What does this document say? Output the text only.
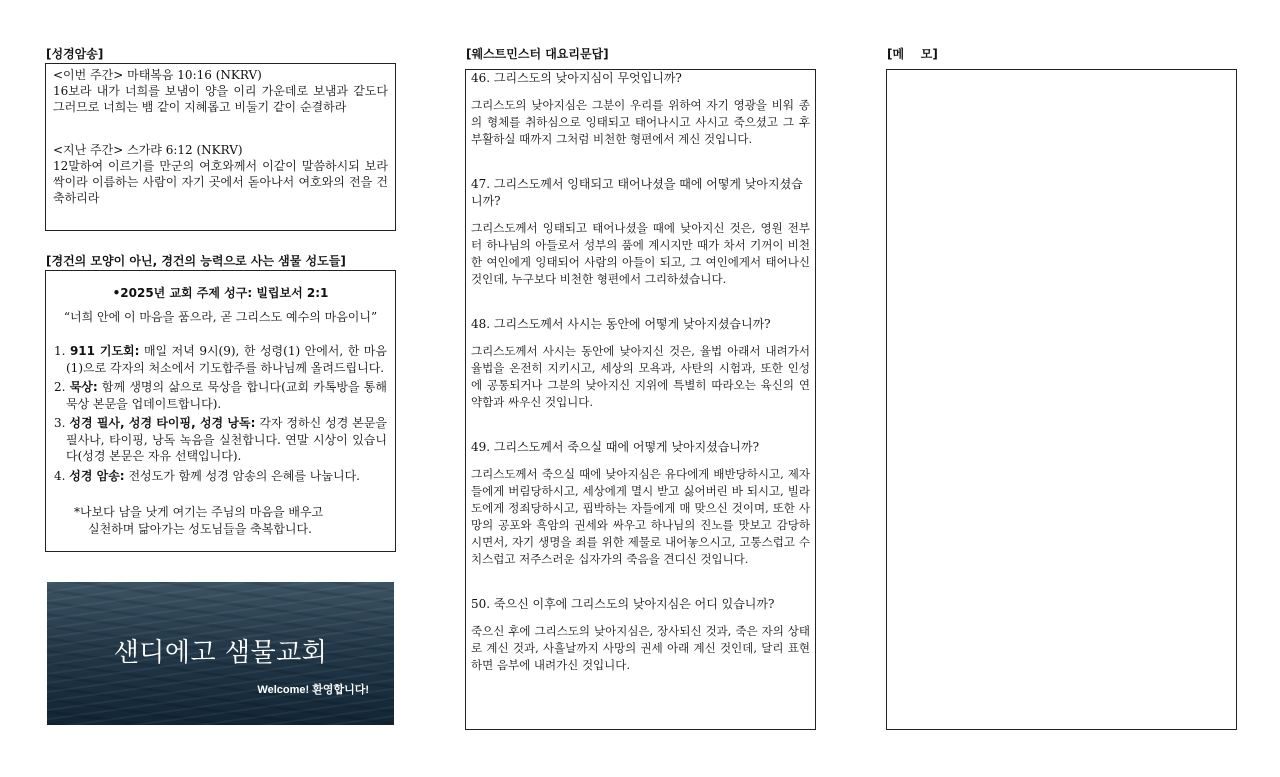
[성경암송]

<이번 주간> 마태복음 10:16 (NKRV)

16보라 내가 너희를 보냄이 양을 이리 가운데로 보냄과 같도다 그러므로 너희는 뱀 같이 지혜롭고 비둘기 같이 순결하라

<지난 주간> 스가랴 6:12 (NKRV)

12말하여 이르기를 만군의 여호와께서 이같이 말씀하시되 보라 싹이라 이름하는 사람이 자기 곳에서 돋아나서 여호와의 전을 건축하리라

[경건의 모양이 아닌, 경건의 능력으로 사는 샘물 성도들]
•2025년 교회 주제 성구: 빌립보서 2:1
“너희 안에 이 마음을 품으라, 곧 그리스도 예수의 마음이니”
1. 911 기도회: 매일 저녁 9시(9), 한 성령(1) 안에서, 한 마음(1)으로 각자의 처소에서 기도합주를 하나님께 올려드립니다.
2. 묵상: 함께 생명의 삶으로 묵상을 합니다(교회 카톡방을 통해 묵상 본문을 업데이트합니다).
3. 성경 필사, 성경 타이핑, 성경 낭독: 각자 정하신 성경 본문을 필사나, 타이핑, 낭독 녹음을 실천합니다. 연말 시상이 있습니다(성경 본문은 자유 선택입니다).
4. 성경 암송: 전성도가 함께 성경 암송의 은혜를 나눕니다.
*나보다 남을 낫게 여기는 주님의 마음을 배우고
실천하며 닮아가는 성도님들을 축복합니다.
샌디에고 샘물교회
Welcome! 환영합니다!
[웨스트민스터 대요리문답]

46. 그리스도의 낮아지심이 무엇입니까?

그리스도의 낮아지심은 그분이 우리를 위하여 자기 영광을 비워 종의 형체를 취하심으로 잉태되고 태어나시고 사시고 죽으셨고 그 후 부활하실 때까지 그처럼 비천한 형편에서 계신 것입니다.

47. 그리스도께서 잉태되고 태어나셨을 때에 어떻게 낮아지셨습니까?

그리스도께서 잉태되고 태어나셨을 때에 낮아지신 것은, 영원 전부터 하나님의 아들로서 성부의 품에 계시지만 때가 차서 기꺼이 비천한 여인에게 잉태되어 사람의 아들이 되고, 그 여인에게서 태어나신 것인데, 누구보다 비천한 형편에서 그리하셨습니다.

48. 그리스도께서 사시는 동안에 어떻게 낮아지셨습니까?

그리스도께서 사시는 동안에 낮아지신 것은, 율법 아래서 내려가서 율법을 온전히 지키시고, 세상의 모욕과, 사탄의 시험과, 또한 인성에 공통되거나 그분의 낮아지신 지위에 특별히 따라오는 육신의 연약함과 싸우신 것입니다.

49. 그리스도께서 죽으실 때에 어떻게 낮아지셨습니까?

그리스도께서 죽으실 때에 낮아지심은 유다에게 배반당하시고, 제자들에게 버림당하시고, 세상에게 멸시 받고 싫어버린 바 되시고, 빌라도에게 정죄당하시고, 핍박하는 자들에게 매 맞으신 것이며, 또한 사망의 공포와 흑암의 권세와 싸우고 하나님의 진노를 맛보고 감당하시면서, 자기 생명을 죄를 위한 제물로 내어놓으시고, 고통스럽고 수치스럽고 저주스러운 십자가의 죽음을 견디신 것입니다.

50. 죽으신 이후에 그리스도의 낮아지심은 어디 있습니까?

죽으신 후에 그리스도의 낮아지심은, 장사되신 것과, 죽은 자의 상태로 계신 것과, 사흘날까지 사망의 권세 아래 계신 것인데, 달리 표현하면 음부에 내려가신 것입니다.

[메    모]
